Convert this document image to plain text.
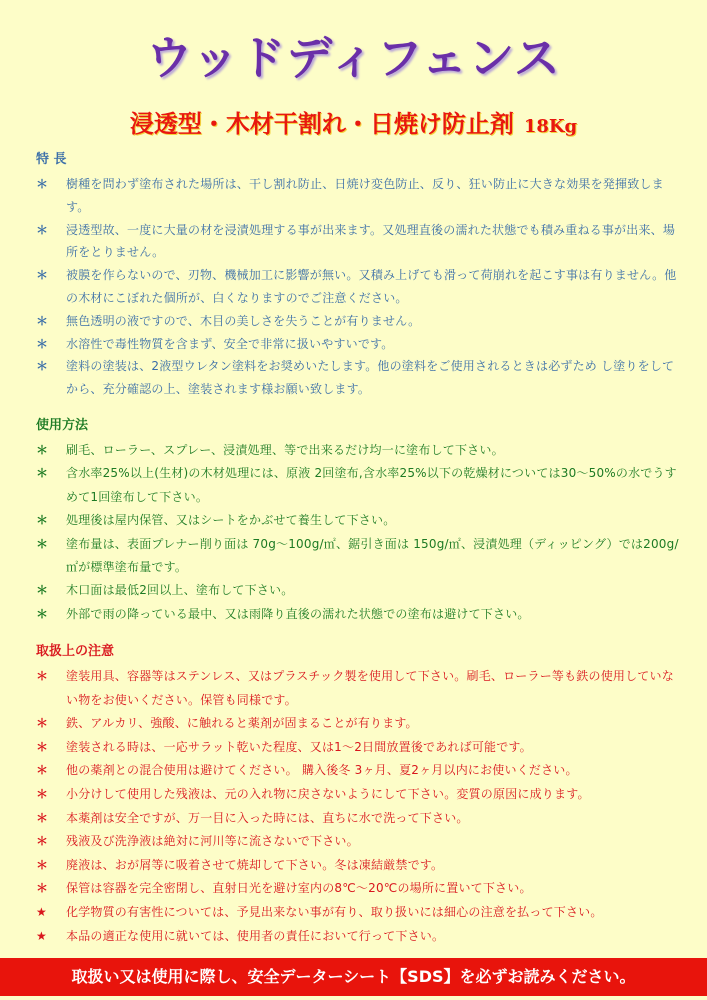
ウッドディフェンス
浸透型・木材干割れ・日焼け防止剤 18Kg
特 長
＊	樹種を問わず塗布された場所は、干し割れ防止、日焼け変色防止、反り、狂い防止に大きな効果を発揮致します。
＊	浸透型故、一度に大量の材を浸漬処理する事が出来ます。又処理直後の濡れた状態でも積み重ねる事が出来、場所をとりません。
＊	被膜を作らないので、刃物、機械加工に影響が無い。又積み上げても滑って荷崩れを起こす事は有りません。他の木材にこぼれた個所が、白くなりますのでご注意ください。
＊	無色透明の液ですので、木目の美しさを失うことが有りません。
＊	水溶性で毒性物質を含まず、安全で非常に扱いやすいです。
＊	塗料の塗装は、2液型ウレタン塗料をお奨めいたします。他の塗料をご使用されるときは必ずため し塗りをしてから、充分確認の上、塗装されます様お願い致します。
使用方法
＊	刷毛、ローラー、スプレー、浸漬処理、等で出来るだけ均一に塗布して下さい。
＊	含水率25%以上(生材)の木材処理には、原液 2回塗布,含水率25%以下の乾燥材については30～50%の水でうすめて1回塗布して下さい。
＊	処理後は屋内保管、又はシートをかぶせて養生して下さい。
＊	塗布量は、表面プレナー削り面は 70g～100g/㎡、鋸引き面は 150g/㎡、浸漬処理（ディッピング）では200g/㎡が標準塗布量です。
＊	木口面は最低2回以上、塗布して下さい。
＊	外部で雨の降っている最中、又は雨降り直後の濡れた状態での塗布は避けて下さい。
取扱上の注意
＊	塗装用具、容器等はステンレス、又はプラスチック製を使用して下さい。刷毛、ローラー等も鉄の使用していない物をお使いください。保管も同様です。
＊	鉄、アルカリ、強酸、に触れると薬剤が固まることが有ります。
＊	塗装される時は、一応サラット乾いた程度、又は1～2日間放置後であれば可能です。
＊	他の薬剤との混合使用は避けてください。 購入後冬 3ヶ月、夏2ヶ月以内にお使いください。
＊	小分けして使用した残液は、元の入れ物に戻さないようにして下さい。変質の原因に成ります。
＊	本薬剤は安全ですが、万一目に入った時には、直ちに水で洗って下さい。
＊	残液及び洗浄液は絶対に河川等に流さないで下さい。
＊	廃液は、おが屑等に吸着させて焼却して下さい。冬は凍結厳禁です。
＊	保管は容器を完全密閉し、直射日光を避け室内の8℃～20℃の場所に置いて下さい。
★	化学物質の有害性については、予見出来ない事が有り、取り扱いには細心の注意を払って下さい。
★	本品の適正な使用に就いては、使用者の責任において行って下さい。
取扱い又は使用に際し、安全データーシート【SDS】を必ずお読みください。
